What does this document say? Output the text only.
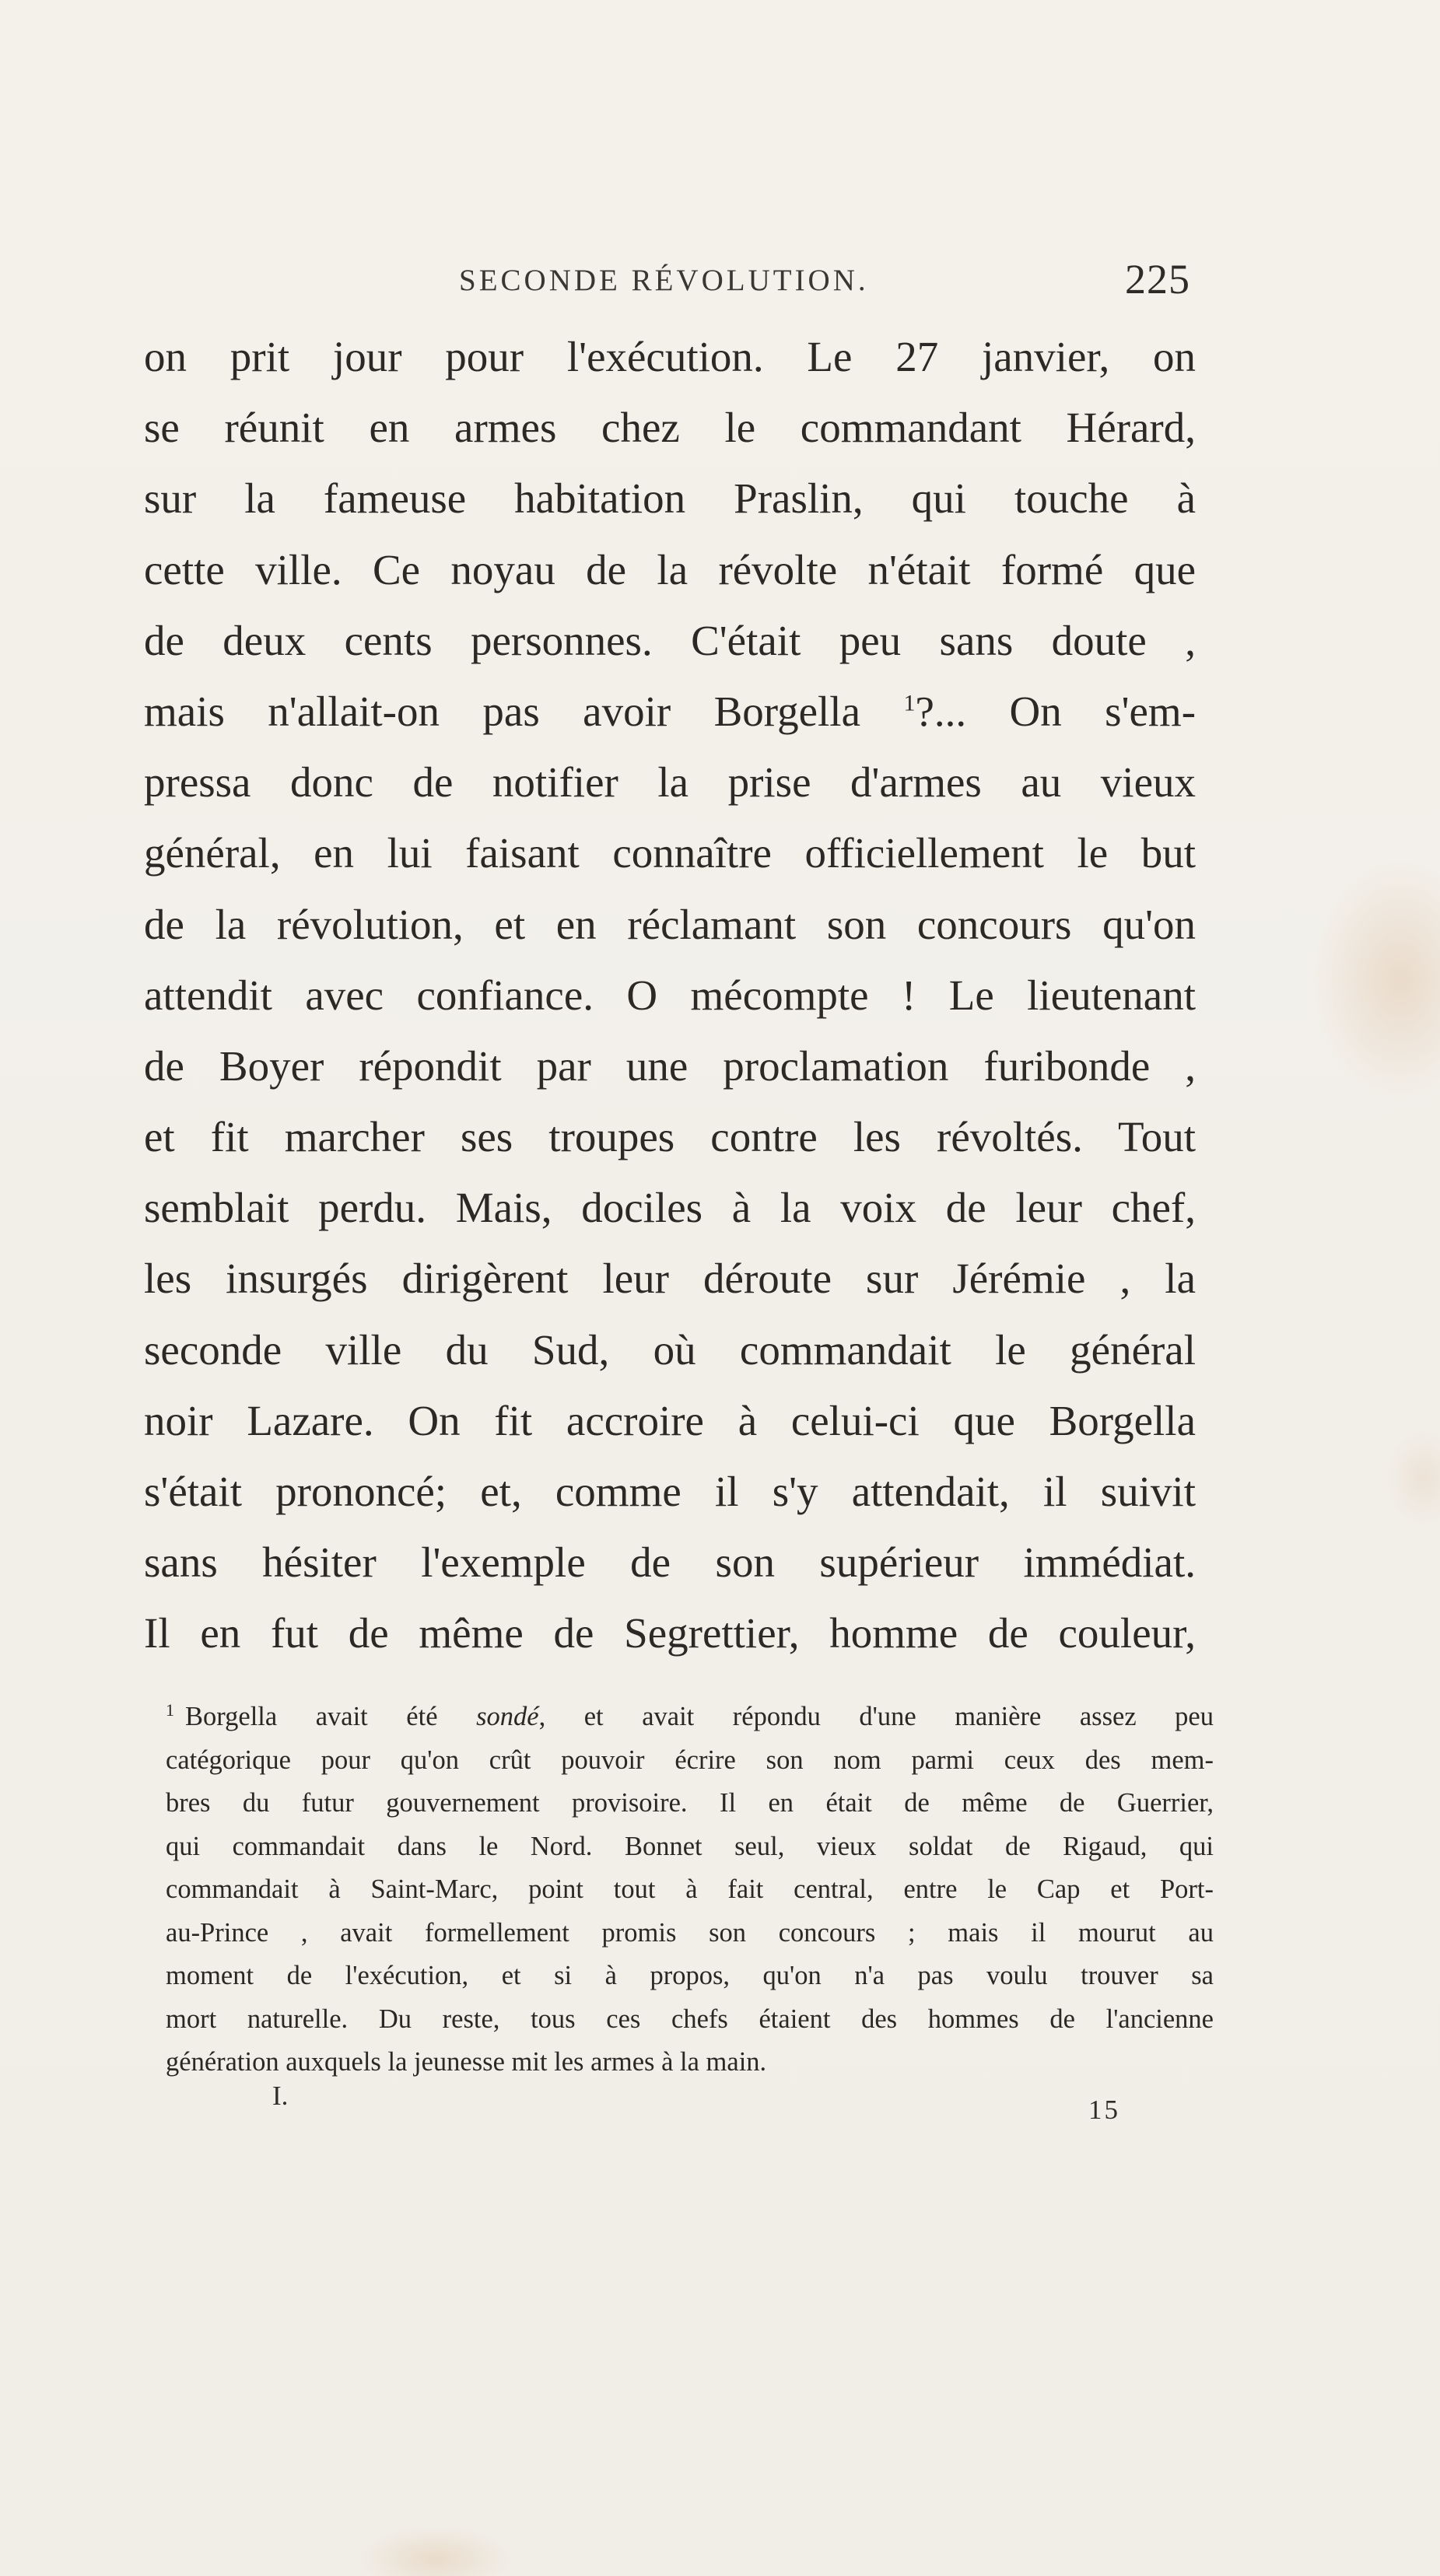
SECONDE RÉVOLUTION.	225
on prit jour pour l'exécution. Le 27 janvier, on
se réunit en armes chez le commandant Hérard,
sur la fameuse habitation Praslin, qui touche à
cette ville. Ce noyau de la révolte n'était formé que
de deux cents personnes. C'était peu sans doute ,
mais n'allait-on pas avoir Borgella $^1$?... On s'em-
pressa donc de notifier la prise d'armes au vieux
général, en lui faisant connaître officiellement le but
de la révolution, et en réclamant son concours qu'on
attendit avec confiance. O mécompte ! Le lieutenant
de Boyer répondit par une proclamation furibonde ,
et fit marcher ses troupes contre les révoltés. Tout
semblait perdu. Mais, dociles à la voix de leur chef,
les insurgés dirigèrent leur déroute sur Jérémie , la
seconde ville du Sud, où commandait le général
noir Lazare. On fit accroire à celui-ci que Borgella
s'était prononcé; et, comme il s'y attendait, il suivit
sans hésiter l'exemple de son supérieur immédiat.
Il en fut de même de Segrettier, homme de couleur,
$^1$ Borgella avait été sondé, et avait répondu d'une manière assez peu
catégorique pour qu'on crût pouvoir écrire son nom parmi ceux des mem-
bres du futur gouvernement provisoire. Il en était de même de Guerrier,
qui commandait dans le Nord. Bonnet seul, vieux soldat de Rigaud, qui
commandait à Saint-Marc, point tout à fait central, entre le Cap et Port-
au-Prince , avait formellement promis son concours ; mais il mourut au
moment de l'exécution, et si à propos, qu'on n'a pas voulu trouver sa
mort naturelle. Du reste, tous ces chefs étaient des hommes de l'ancienne
génération auxquels la jeunesse mit les armes à la main.
I.	15
